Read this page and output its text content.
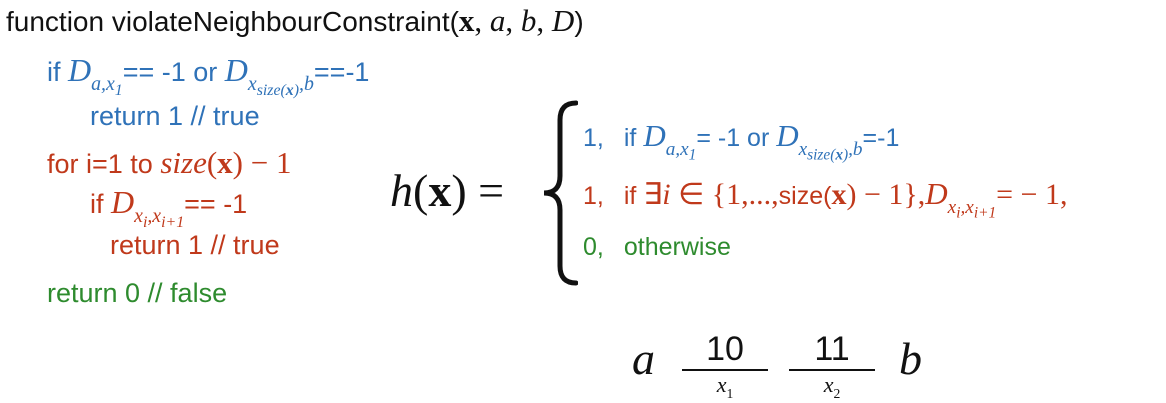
function violateNeighbourConstraint(x, a, b, D)
if $D_{a,x_1}== -1$ or $D_{x_{size(x)},b}==-1$
return 1 // true
for i=1 to size(x) − 1
if $D_{x_i,x_{i+1}}== -1$
return 1 // true
return 0 // false
h(x) =
1, if $D_{a,x_1}= -1$ or $D_{x_{size(x)},b}=-1$
1, if ∃i ∈ {1,...,size(x) − $1\},D_{x_i,x_{i+1}}= - 1$,
0, otherwise
a	10
$x_1$
11
$x_2$
b
